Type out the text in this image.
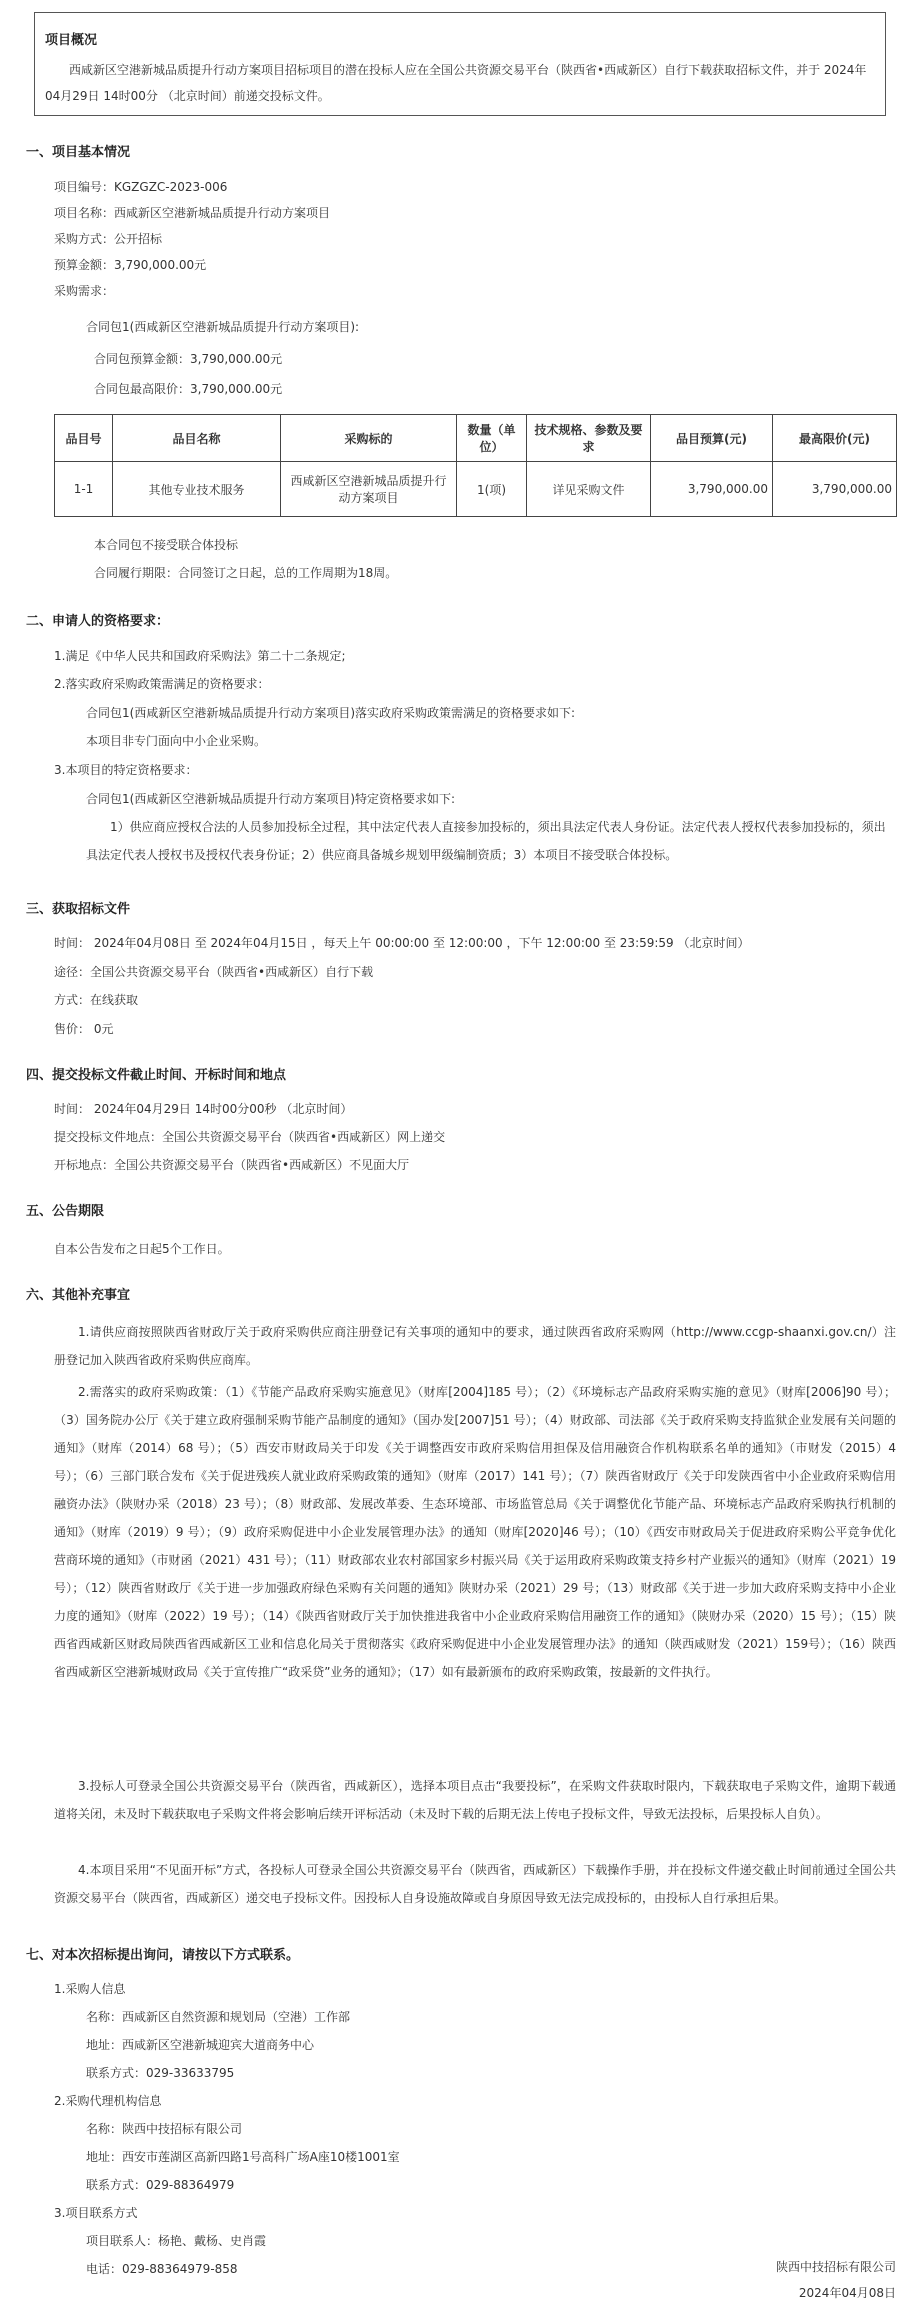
项目概况
西咸新区空港新城品质提升行动方案项目招标项目的潜在投标人应在全国公共资源交易平台（陕西省•西咸新区）自行下载获取招标文件，并于 2024年04月29日 14时00分 （北京时间）前递交投标文件。
一、项目基本情况
项目编号：KGZGZC-2023-006
项目名称：西咸新区空港新城品质提升行动方案项目
采购方式：公开招标
预算金额：3,790,000.00元
采购需求：
合同包1(西咸新区空港新城品质提升行动方案项目):
合同包预算金额：3,790,000.00元
合同包最高限价：3,790,000.00元
品目号	品目名称	采购标的	数量（单位）	技术规格、参数及要求	品目预算(元)	最高限价(元)
1-1	其他专业技术服务	西咸新区空港新城品质提升行动方案项目	1(项)	详见采购文件	3,790,000.00	3,790,000.00
本合同包不接受联合体投标
合同履行期限：合同签订之日起，总的工作周期为18周。
二、申请人的资格要求：
1.满足《中华人民共和国政府采购法》第二十二条规定;
2.落实政府采购政策需满足的资格要求：
合同包1(西咸新区空港新城品质提升行动方案项目)落实政府采购政策需满足的资格要求如下:
本项目非专门面向中小企业采购。
3.本项目的特定资格要求：
合同包1(西咸新区空港新城品质提升行动方案项目)特定资格要求如下:
1）供应商应授权合法的人员参加投标全过程，其中法定代表人直接参加投标的，须出具法定代表人身份证。法定代表人授权代表参加投标的，须出具法定代表人授权书及授权代表身份证；2）供应商具备城乡规划甲级编制资质；3）本项目不接受联合体投标。
三、获取招标文件
时间： 2024年04月08日 至 2024年04月15日 ，每天上午 00:00:00 至 12:00:00 ，下午 12:00:00 至 23:59:59 （北京时间）
途径：全国公共资源交易平台（陕西省•西咸新区）自行下载
方式：在线获取
售价： 0元
四、提交投标文件截止时间、开标时间和地点
时间： 2024年04月29日 14时00分00秒 （北京时间）
提交投标文件地点：全国公共资源交易平台（陕西省•西咸新区）网上递交
开标地点：全国公共资源交易平台（陕西省•西咸新区）不见面大厅
五、公告期限
自本公告发布之日起5个工作日。
六、其他补充事宜
1.请供应商按照陕西省财政厅关于政府采购供应商注册登记有关事项的通知中的要求，通过陕西省政府采购网（http://www.ccgp-shaanxi.gov.cn/）注册登记加入陕西省政府采购供应商库。
2.需落实的政府采购政策：（1）《节能产品政府采购实施意见》（财库[2004]185 号）；（2）《环境标志产品政府采购实施的意见》（财库[2006]90 号）；（3）国务院办公厅《关于建立政府强制采购节能产品制度的通知》（国办发[2007]51 号）；（4）财政部、司法部《关于政府采购支持监狱企业发展有关问题的通知》（财库（2014）68 号）；（5）西安市财政局关于印发《关于调整西安市政府采购信用担保及信用融资合作机构联系名单的通知》（市财发（2015）4 号）；（6）三部门联合发布《关于促进残疾人就业政府采购政策的通知》（财库（2017）141 号）；（7）陕西省财政厅《关于印发陕西省中小企业政府采购信用融资办法》（陕财办采（2018）23 号）；（8）财政部、发展改革委、生态环境部、市场监管总局《关于调整优化节能产品、环境标志产品政府采购执行机制的通知》（财库（2019）9 号）；（9）政府采购促进中小企业发展管理办法》的通知（财库[2020]46 号）；（10）《西安市财政局关于促进政府采购公平竞争优化营商环境的通知》（市财函（2021）431 号）；（11）财政部农业农村部国家乡村振兴局《关于运用政府采购政策支持乡村产业振兴的通知》（财库（2021）19 号）；（12）陕西省财政厅《关于进一步加强政府绿色采购有关问题的通知》陕财办采（2021）29 号；（13）财政部《关于进一步加大政府采购支持中小企业力度的通知》（财库（2022）19 号）；（14）《陕西省财政厅关于加快推进我省中小企业政府采购信用融资工作的通知》（陕财办采（2020）15 号）；（15）陕西省西咸新区财政局陕西省西咸新区工业和信息化局关于贯彻落实《政府采购促进中小企业发展管理办法》的通知（陕西咸财发（2021）159号）；（16）陕西省西咸新区空港新城财政局《关于宣传推广“政采贷”业务的通知》；（17）如有最新颁布的政府采购政策，按最新的文件执行。
3.投标人可登录全国公共资源交易平台（陕西省，西咸新区），选择本项目点击“我要投标”，在采购文件获取时限内，下载获取电子采购文件，逾期下载通道将关闭，未及时下载获取电子采购文件将会影响后续开评标活动（未及时下载的后期无法上传电子投标文件，导致无法投标，后果投标人自负）。
4.本项目采用“不见面开标”方式，各投标人可登录全国公共资源交易平台（陕西省，西咸新区）下载操作手册，并在投标文件递交截止时间前通过全国公共资源交易平台（陕西省，西咸新区）递交电子投标文件。因投标人自身设施故障或自身原因导致无法完成投标的，由投标人自行承担后果。
七、对本次招标提出询问，请按以下方式联系。
1.采购人信息
名称：西咸新区自然资源和规划局（空港）工作部
地址：西咸新区空港新城迎宾大道商务中心
联系方式：029-33633795
2.采购代理机构信息
名称：陕西中技招标有限公司
地址：西安市莲湖区高新四路1号高科广场A座10楼1001室
联系方式：029-88364979
3.项目联系方式
项目联系人：杨艳、戴杨、史肖霞
电话：029-88364979-858	陕西中技招标有限公司
2024年04月08日
